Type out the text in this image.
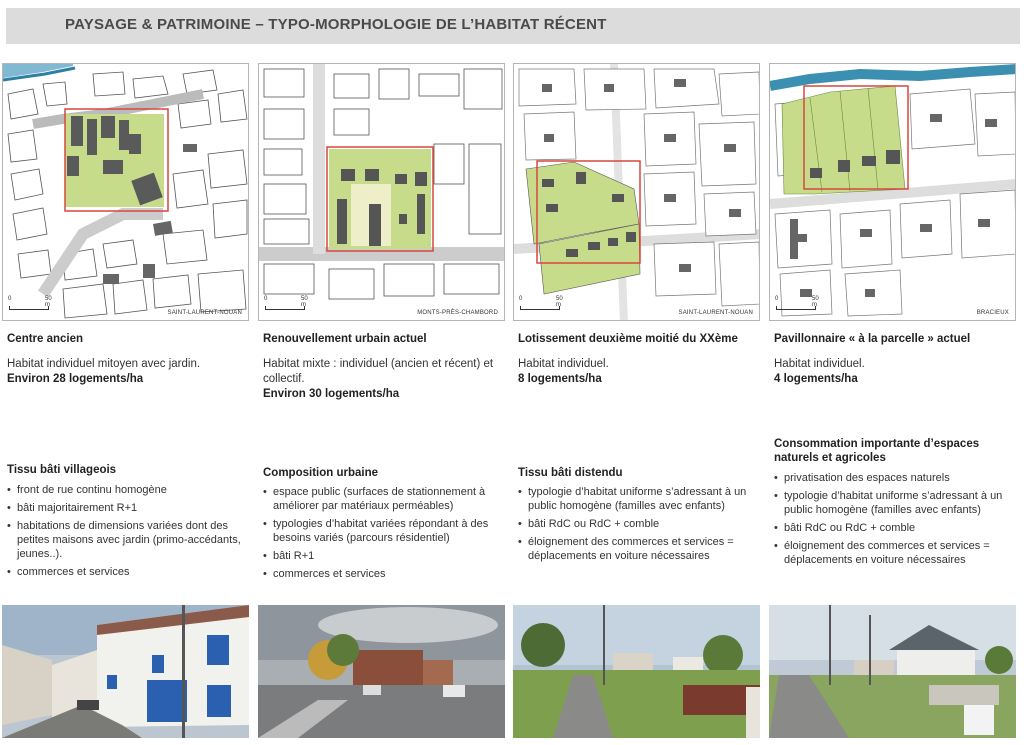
PAYSAGE & PATRIMOINE – TYPO-MORPHOLOGIE DE L’HABITAT RÉCENT
0	50 m
SAINT-LAURENT-NOUAN
Centre ancien
Habitat individuel mitoyen avec jardin.
Environ 28 logements/ha
Tissu bâti villageois
• front de rue continu homogène
• bâti majoritairement R+1
• habitations de dimensions variées dont des petites maisons avec jardin (primo-accédants, jeunes..).
• commerces et services
0	50 m
MONTS-PRÈS-CHAMBORD
Renouvellement urbain actuel
Habitat mixte : individuel (ancien et récent) et collectif.
Environ 30 logements/ha
Composition urbaine
• espace public (surfaces de stationnement à améliorer par matériaux perméables)
• typologies d’habitat variées répondant à des besoins variés (parcours résidentiel)
• bâti R+1
• commerces et services
0	50 m
SAINT-LAURENT-NOUAN
Lotissement deuxième moitié du XXème
Habitat individuel.
8 logements/ha
Tissu bâti distendu
• typologie d’habitat uniforme s’adressant à un public homogène (familles avec enfants)
• bâti RdC ou RdC + comble
• éloignement des commerces et services = déplacements en voiture nécessaires
0	50 m
BRACIEUX
Pavillonnaire « à la parcelle » actuel
Habitat individuel.
4 logements/ha
Consommation importante d’espaces naturels et agricoles
• privatisation des espaces naturels
• typologie d’habitat uniforme s’adressant à un public homogène (familles avec enfants)
• bâti RdC ou RdC + comble
• éloignement des commerces et services = déplacements en voiture nécessaires
